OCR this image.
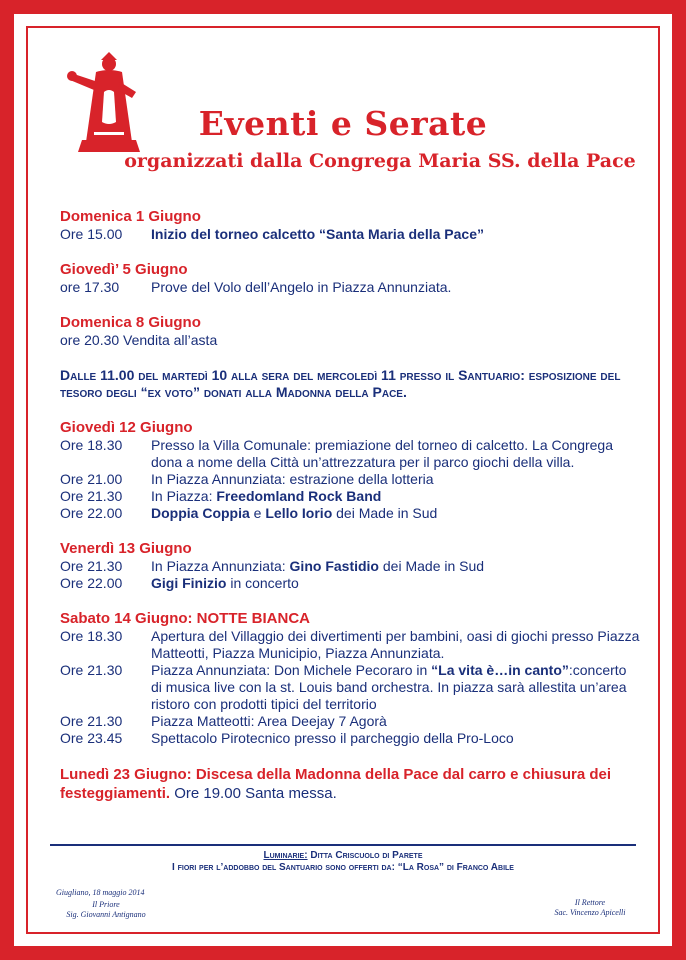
Eventi e Serate
organizzati dalla Congrega Maria SS. della Pace
Domenica 1 Giugno
Ore 15.00	Inizio del torneo calcetto “Santa Maria della Pace”
Giovedì’ 5 Giugno
ore 17.30	Prove del Volo dell’Angelo in Piazza Annunziata.
Domenica 8 Giugno
ore 20.30 Vendita all’asta
Dalle 11.00 del martedì 10 alla sera del mercoledì 11 presso il Santuario: esposizione del tesoro degli “ex voto” donati alla Madonna della Pace.
Giovedì 12 Giugno
Ore 18.30	Presso la Villa Comunale: premiazione del torneo di calcetto. La Congrega dona a nome della Città un’attrezzatura per il parco giochi della villa.
Ore 21.00	In Piazza Annunziata: estrazione della lotteria
Ore 21.30	In Piazza: Freedomland Rock Band
Ore 22.00	Doppia Coppia e Lello Iorio dei Made in Sud
Venerdì 13 Giugno
Ore 21.30	In Piazza Annunziata: Gino Fastidio dei Made in Sud
Ore 22.00	Gigi Finizio in concerto
Sabato 14 Giugno: NOTTE BIANCA
Ore 18.30	Apertura del Villaggio dei divertimenti per bambini, oasi di giochi presso Piazza Matteotti, Piazza Municipio, Piazza Annunziata.
Ore 21.30	Piazza Annunziata: Don Michele Pecoraro in “La vita è…in canto”:concerto di musica live con la st. Louis band orchestra. In piazza sarà allestita un’area ristoro con prodotti tipici del territorio
Ore 21.30	Piazza Matteotti: Area Deejay 7 Agorà
Ore 23.45	Spettacolo Pirotecnico presso il parcheggio della Pro-Loco
Lunedì 23 Giugno: Discesa della Madonna della Pace dal carro e chiusura dei festeggiamenti. Ore 19.00 Santa messa.
Luminarie: Ditta Criscuolo di Parete
I fiori per l’addobbo del Santuario sono offerti da: “La Rosa” di Franco Abile
Giugliano, 18 maggio 2014
Il Priore
Sig. Giovanni Antignano
Il Rettore
Sac. Vincenzo Apicelli
